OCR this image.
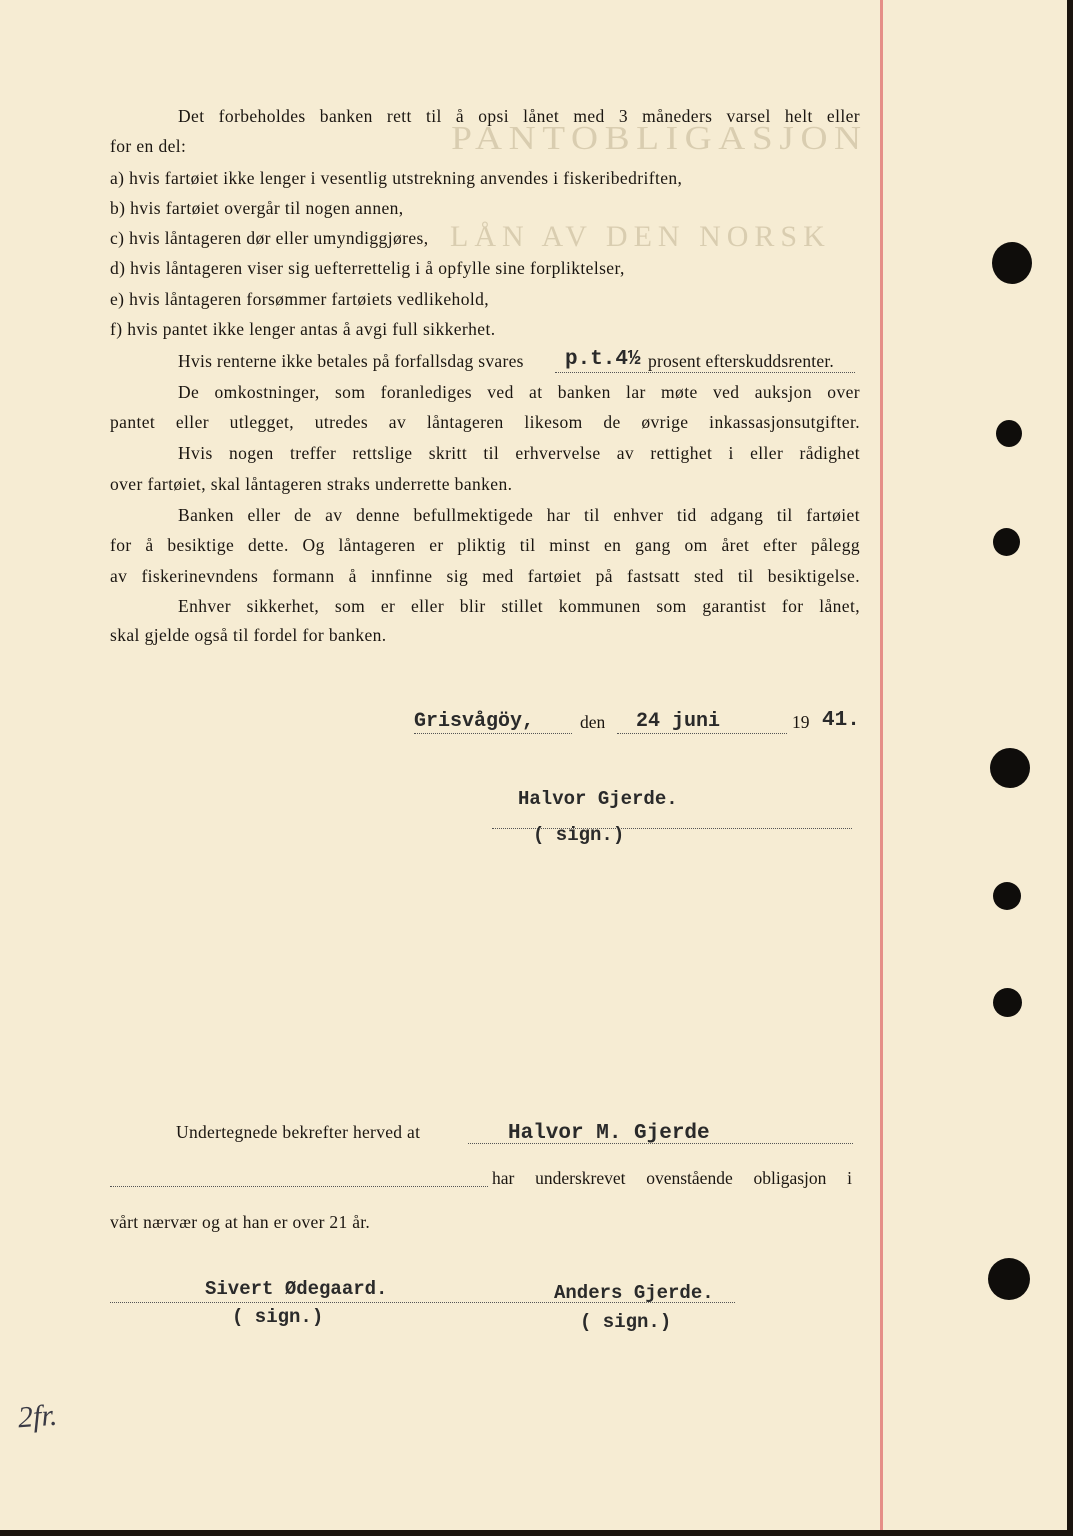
PANTOBLIGASJON
LÅN AV DEN NORSK
Det forbeholdes banken rett til å opsi lånet med 3 måneders varsel helt eller
for en del:
a) hvis fartøiet ikke lenger i vesentlig utstrekning anvendes i fiskeribedriften,
b) hvis fartøiet overgår til nogen annen,
c) hvis låntageren dør eller umyndiggjøres,
d) hvis låntageren viser sig uefterrettelig i å opfylle sine forpliktelser,
e) hvis låntageren forsømmer fartøiets vedlikehold,
f) hvis pantet ikke lenger antas å avgi full sikkerhet.
Hvis renterne ikke betales på forfallsdag svares p.t.4½ prosent efterskuddsrenter.
De omkostninger, som foranlediges ved at banken lar møte ved auksjon over
pantet eller utlegget, utredes av låntageren likesom de øvrige inkassasjonsutgifter.
Hvis nogen treffer rettslige skritt til erhvervelse av rettighet i eller rådighet
over fartøiet, skal låntageren straks underrette banken.
Banken eller de av denne befullmektigede har til enhver tid adgang til fartøiet
for å besiktige dette. Og låntageren er pliktig til minst en gang om året efter pålegg
av fiskerinevndens formann å innfinne sig med fartøiet på fastsatt sted til besiktigelse.
Enhver sikkerhet, som er eller blir stillet kommunen som garantist for lånet,
skal gjelde også til fordel for banken.
Grisvågöy,	den 24 juni	19 41.
Halvor Gjerde.
( sign.)
Undertegnede bekrefter herved at	Halvor M. Gjerde
har underskrevet ovenstående obligasjon i
vårt nærvær og at han er over 21 år.
Sivert Ødegaard.
( sign.)
Anders Gjerde.
( sign.)
2fr.
